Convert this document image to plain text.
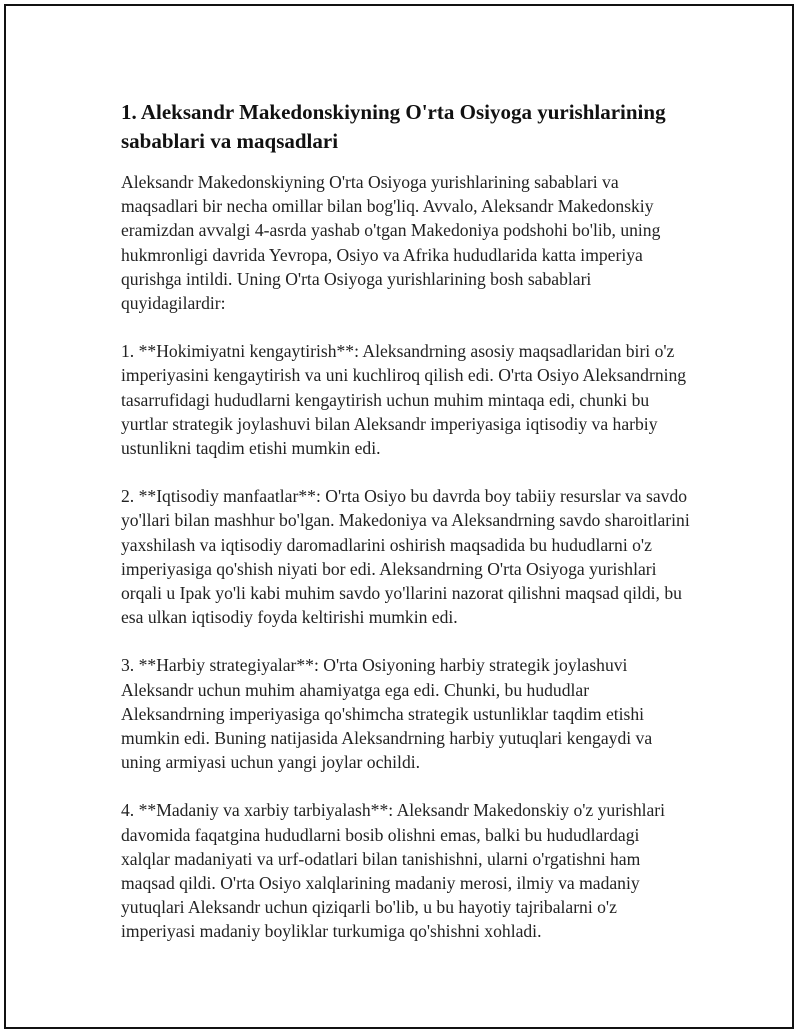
1. Aleksandr Makedonskiyning O'rta Osiyoga yurishlarining sabablari va maqsadlari

Aleksandr Makedonskiyning O'rta Osiyoga yurishlarining sabablari va maqsadlari bir necha omillar bilan bog'liq. Avvalo, Aleksandr Makedonskiy eramizdan avvalgi 4-asrda yashab o'tgan Makedoniya podshohi bo'lib, uning hukmronligi davrida Yevropa, Osiyo va Afrika hududlarida katta imperiya qurishga intildi. Uning O'rta Osiyoga yurishlarining bosh sabablari quyidagilardir:

1. **Hokimiyatni kengaytirish**: Aleksandrning asosiy maqsadlaridan biri o'z imperiyasini kengaytirish va uni kuchliroq qilish edi. O'rta Osiyo Aleksandrning tasarrufidagi hududlarni kengaytirish uchun muhim mintaqa edi, chunki bu yurtlar strategik joylashuvi bilan Aleksandr imperiyasiga iqtisodiy va harbiy ustunlikni taqdim etishi mumkin edi.

2. **Iqtisodiy manfaatlar**: O'rta Osiyo bu davrda boy tabiiy resurslar va savdo yo'llari bilan mashhur bo'lgan. Makedoniya va Aleksandrning savdo sharoitlarini yaxshilash va iqtisodiy daromadlarini oshirish maqsadida bu hududlarni o'z imperiyasiga qo'shish niyati bor edi. Aleksandrning O'rta Osiyoga yurishlari orqali u Ipak yo'li kabi muhim savdo yo'llarini nazorat qilishni maqsad qildi, bu esa ulkan iqtisodiy foyda keltirishi mumkin edi.

3. **Harbiy strategiyalar**: O'rta Osiyoning harbiy strategik joylashuvi Aleksandr uchun muhim ahamiyatga ega edi. Chunki, bu hududlar Aleksandrning imperiyasiga qo'shimcha strategik ustunliklar taqdim etishi mumkin edi. Buning natijasida Aleksandrning harbiy yutuqlari kengaydi va uning armiyasi uchun yangi joylar ochildi.

4. **Madaniy va xarbiy tarbiyalash**: Aleksandr Makedonskiy o'z yurishlari davomida faqatgina hududlarni bosib olishni emas, balki bu hududlardagi xalqlar madaniyati va urf-odatlari bilan tanishishni, ularni o'rgatishni ham maqsad qildi. O'rta Osiyo xalqlarining madaniy merosi, ilmiy va madaniy yutuqlari Aleksandr uchun qiziqarli bo'lib, u bu hayotiy tajribalarni o'z imperiyasi madaniy boyliklar turkumiga qo'shishni xohladi.
